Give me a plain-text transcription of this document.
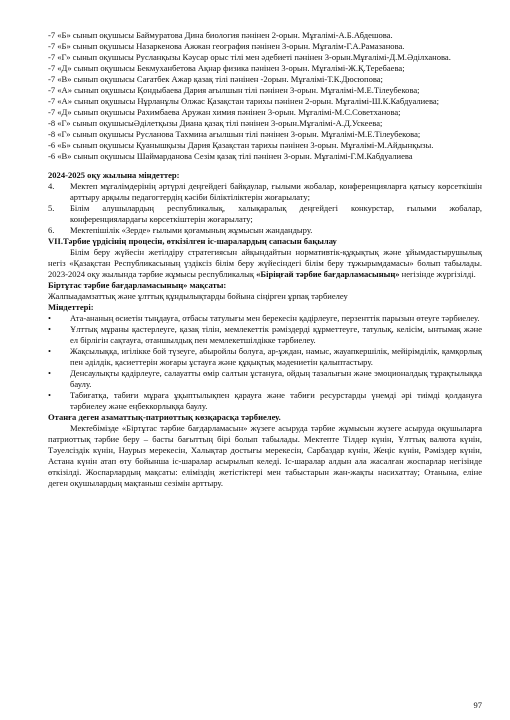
-7 «Б» сынып оқушысы Баймуратова Дина биология пәнінен 2-орын. Мұғалімі-А.Б.Абдешова.

-7 «Б» сынып оқушысы Назаркенова Ажжан география пәнінен 3-орын. Мұғалім-Г.А.Рамазанова.

-7 «Г» сынып оқушысы Русланқызы Кәусар орыс тілі мен әдебиеті пәнінен 3-орын.Мұғалімі-Д.М.Әділханова.

-7 «Д» сынып оқушысы Бекмуханбетова Ақнар физика пәнінен 3-орын. Мұғалімі-Ж.Қ.Теребаева;

-7 «В» сынып оқушысы Сағатбек Ажар қазақ тілі пәнінен -2орын. Мұғалімі-Т.К.Дюсюпова;

-7 «А» сынып оқушысы Қондыбаева Дария ағылшын тілі пәнінен 3-орын. Мұғалімі-М.Е.Тілеубекова;

-7 «А» сынып оқушысы Нұрланұлы Олжас Қазақстан тарихы пәнінен 2-орын. Мұғалімі-Ш.К.Кабдуалиева;

-7 «Д» сынып оқушысы Рахимбаева Аружан химия пәнінен 3-орын. Мұғалімі-М.С.Советханова;

-8 «Г» сынып оқушысыӘділетқызы Диана қазақ тілі пәнінен 3-орын.Мұғалімі-А.Д.Ускеева;

-8 «Г» сынып оқушысы Русланова Тахмина ағылшын тілі пәнінен 3-орын. Мұғалімі-М.Е.Тілеубекова;

-6 «Б» сынып оқушысы Қуанышқызы Дария Қазақстан тарихы пәнінен 3-орын. Мұғалімі-М.Айдынқызы.

-6 «В» сынып оқушысы Шаймарданова Сезім қазақ тілі пәнінен 3-орын. Мұғалімі-Г.М.Кабдуалиева

2024-2025 оқу жылына міндеттер:

4.	Мектеп мұғалімдерінің әртүрлі деңгейдегі байқаулар, ғылыми жобалар, конференцияларға қатысу көрсеткішін арттыру арқылы педагогтердің кәсіби біліктіліктерін жоғарылату;
5.	Білім алушылардың республикалық, халықаралық деңгейдегі конкурстар, ғылыми жобалар, конференциялардағы көрсеткіштерін жоғарылату;
6.	Мектепішілік «Зерде» ғылыми қоғамының жұмысын жандандыру.

VІІ.Тәрбие үрдісінің процесін, өткізілген іс-шаралардың сапасын бақылау

Білім беру жүйесін жетілдіру стратегиясын айқындайтын нормативтік-құқықтық және ұйымдастырушылық негіз «Қазақстан Республикасының үздіксіз білім беру жүйесіндегі білім беру тұжырымдамасы» болып табылады. 2023-2024 оқу жылында тәрбие жұмысы республикалық «Біріңғай тәрбие бағдарламасының» негізінде жүргізілді.

Біртұтас тәрбие бағдарламасының» мақсаты:

Жалпыадамзаттық және ұлттық құндылықтарды бойына сіңірген ұрпақ тәрбиелеу

Міндеттері:

•	Ата-ананың өсиетін тыңдауға, отбасы татулығы мен берекесін қадірлеуге, перзенттік парызын өтеуге тәрбиелеу.
•	Ұлттық мұраны қастерлеуге, қазақ тілін, мемлекеттік рәміздерді құрметтеуге, татулық, келісім, ынтымақ және ел бірлігін сақтауға, отаншылдық пен мемлекетшілдікке тәрбиелеу.
•	Жақсылыққа, игілікке бой түзеуге, абыройлы болуға, ар-ұждан, намыс, жауапкершілік, мейірімділік, қамқорлық пен әділдік, қасиеттерін жоғары ұстауға және құқықтық мәдениетін қалыптастыру.
•	Денсаулықты қадірлеуге, салауатты өмір салтын ұстануға, ойдың тазалығын және эмоционалдық тұрақтылыққа баулу.
•	Табиғатқа, табиғи мұраға ұқыптылықпен қарауға және табиғи ресурстарды үнемді әрі тиімді қолдануға тәрбиелеу және еңбеккорлыққа баулу.

Отанға деген азаматтық-патриоттық көзқарасқа тәрбиелеу.

Мектебімізде «Біртұтас тәрбие бағдарламасын» жүзеге асыруда тәрбие жұмысын жүзеге асыруда оқушыларға патриоттық тәрбие беру – басты бағыттың бірі болып табылады. Мектепте Тілдер күнін, Ұлттық валюта күнін, Тәуелсіздік күнін, Наурыз мерекесін, Халықтар достығы мерекесін, Сарбаздар күнін, Жеңіс күнін, Рәміздер күнін, Астана күнін атап өту бойынша іс-шаралар асырылып келеді. Іс-шаралар алдын ала жасалған жоспарлар негізінде өткізілді. Жоспарлардың мақсаты: еліміздің жетістіктері мен табыстарын жан-жақты насихаттау; Отанына, еліне деген оқушылардың мақтаныш сезімін арттыру.

97
